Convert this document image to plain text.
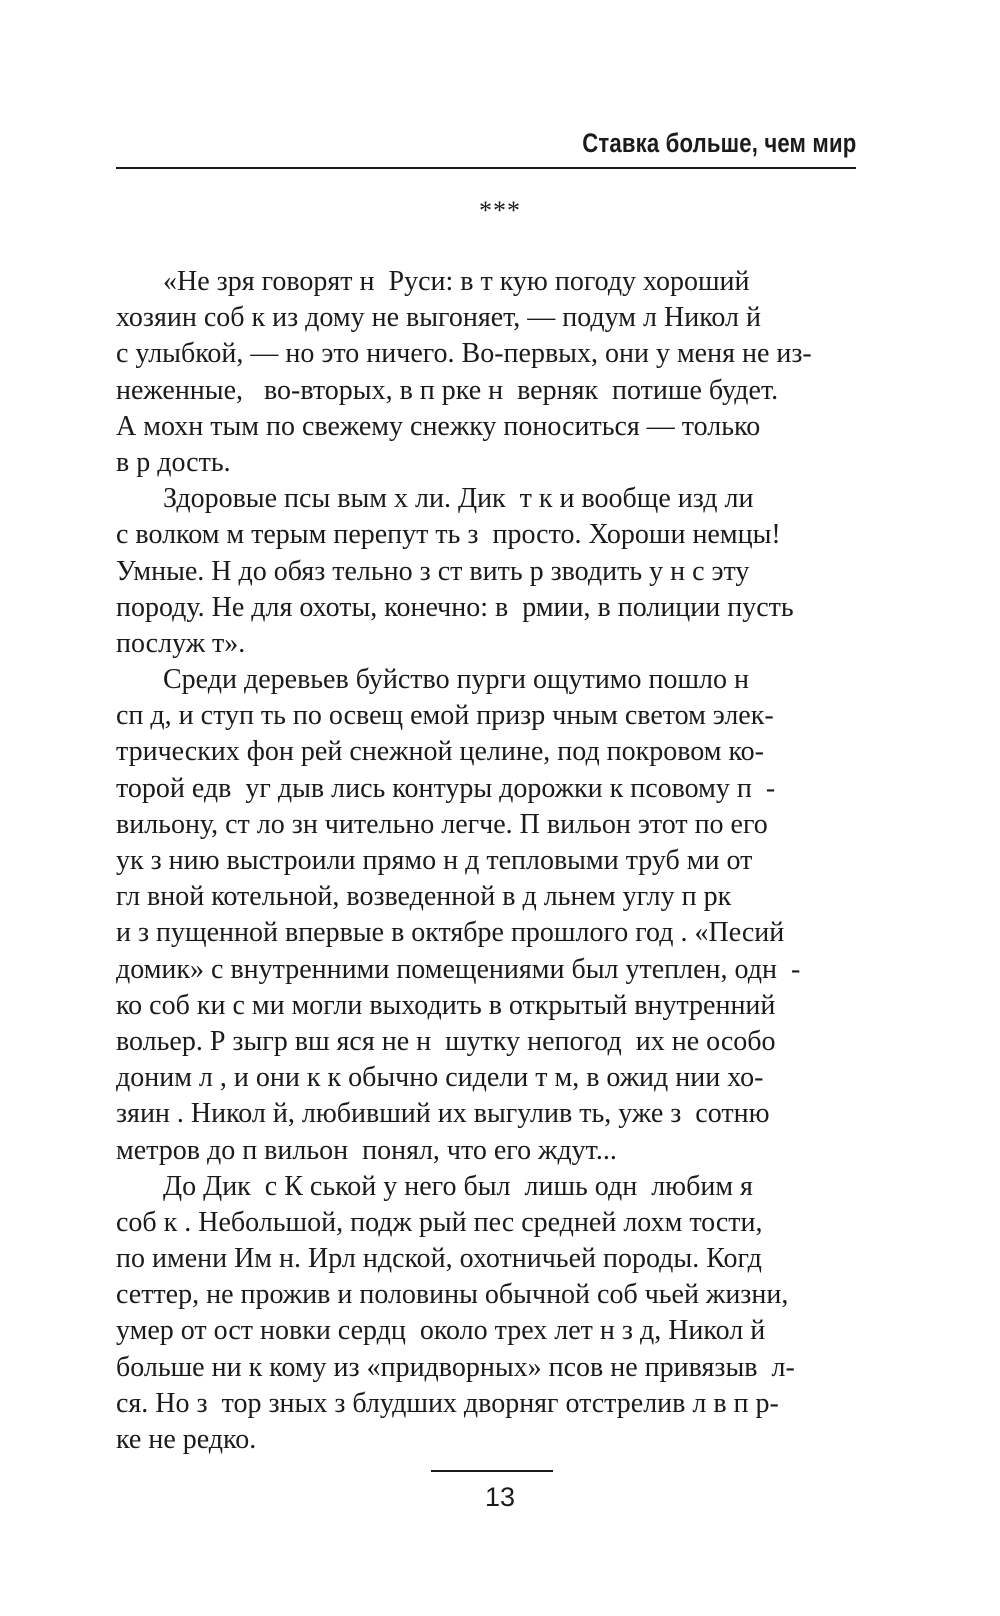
Ставка больше, чем мир
***
«Не зря говорят н  Руси: в т кую погоду хороший
хозяин соб к из дому не выгоняет, — подум л Никол й
с улыбкой, — но это ничего. Во-первых, они у меня не из-
неженные,   во-вторых, в п рке н  верняк  потише будет.
А мохн тым по свежему снежку поноситься — только
в р дость.
Здоровые псы вым х ли. Дик  т к и вообще изд ли
с волком м терым перепут ть з  просто. Хороши немцы!
Умные. Н до обяз тельно з ст вить р зводить у н с эту
породу. Не для охоты, конечно: в  рмии, в полиции пусть
послуж т».
Среди деревьев буйство пурги ощутимо пошло н
сп д, и ступ ть по освещ емой призр чным светом элек-
трических фон рей снежной целине, под покровом ко-
торой едв  уг дыв лись контуры дорожки к псовому п  -
вильону, ст ло зн чительно легче. П вильон этот по его
ук з нию выстроили прямо н д тепловыми труб ми от
гл вной котельной, возведенной в д льнем углу п рк
и з пущенной впервые в октябре прошлого год . «Песий
домик» с внутренними помещениями был утеплен, одн  -
ко соб ки с ми могли выходить в открытый внутренний
вольер. Р зыгр вш яся не н  шутку непогод  их не особо
доним л , и они к к обычно сидели т м, в ожид нии хо-
зяин . Никол й, любивший их выгулив ть, уже з  сотню
метров до п вильон  понял, что его ждут...
До Дик  с К ськой у него был  лишь одн  любим я
соб к . Небольшой, подж рый пес средней лохм тости,
по имени Им н. Ирл ндской, охотничьей породы. Когд
сеттер, не прожив и половины обычной соб чьей жизни,
умер от ост новки сердц  около трех лет н з д, Никол й
больше ни к кому из «придворных» псов не привязыв  л-
ся. Но з  тор зных з блудших дворняг отстрелив л в п р-
ке не редко.
13
